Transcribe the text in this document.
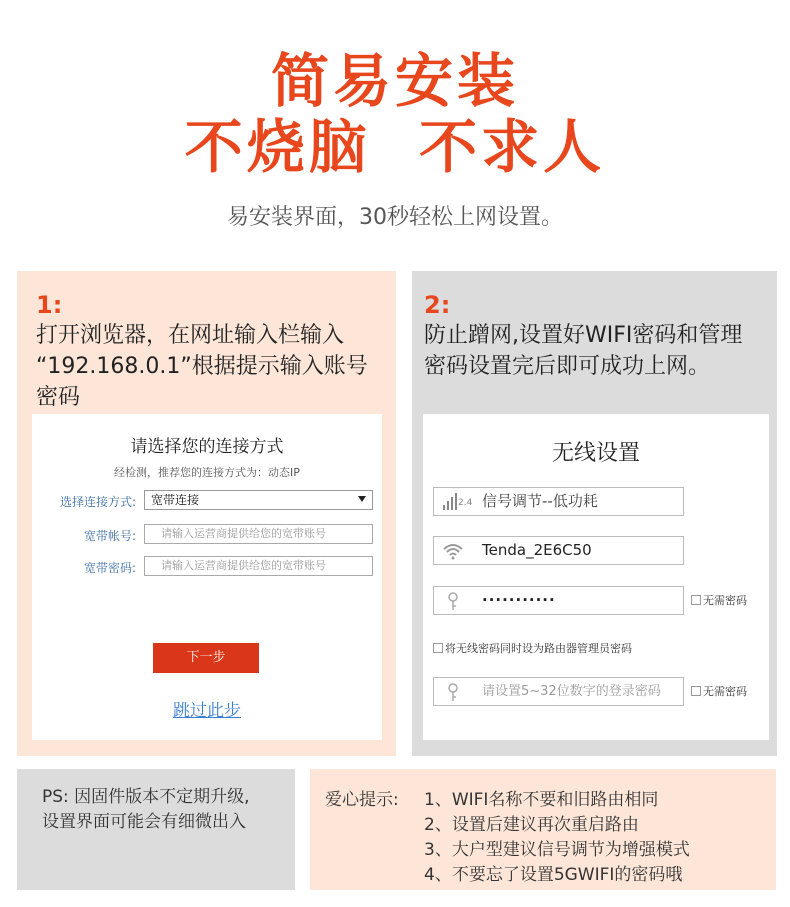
简易安装
不烧脑  不求人
易安装界面，30秒轻松上网设置。
1:
打开浏览器，在网址输入栏输入
“192.168.0.1”根据提示输入账号
密码
请选择您的连接方式
经检测，推荐您的连接方式为：动态IP
选择连接方式:	宽带连接
宽带帐号:	请输入运营商提供给您的宽带账号
宽带密码:	请输入运营商提供给您的宽带账号
下一步
跳过此步
2:
防止蹭网,设置好WIFI密码和管理
密码设置完后即可成功上网。
无线设置
2.4 信号调节--低功耗
Tenda_2E6C50
···········	无需密码
将无线密码同时设为路由器管理员密码
请设置5~32位数字的登录密码	无需密码
PS: 因固件版本不定期升级,
设置界面可能会有细微出入
爱心提示: 1、WIFI名称不要和旧路由相同
2、设置后建议再次重启路由
3、大户型建议信号调节为增强模式
4、不要忘了设置5GWIFI的密码哦
